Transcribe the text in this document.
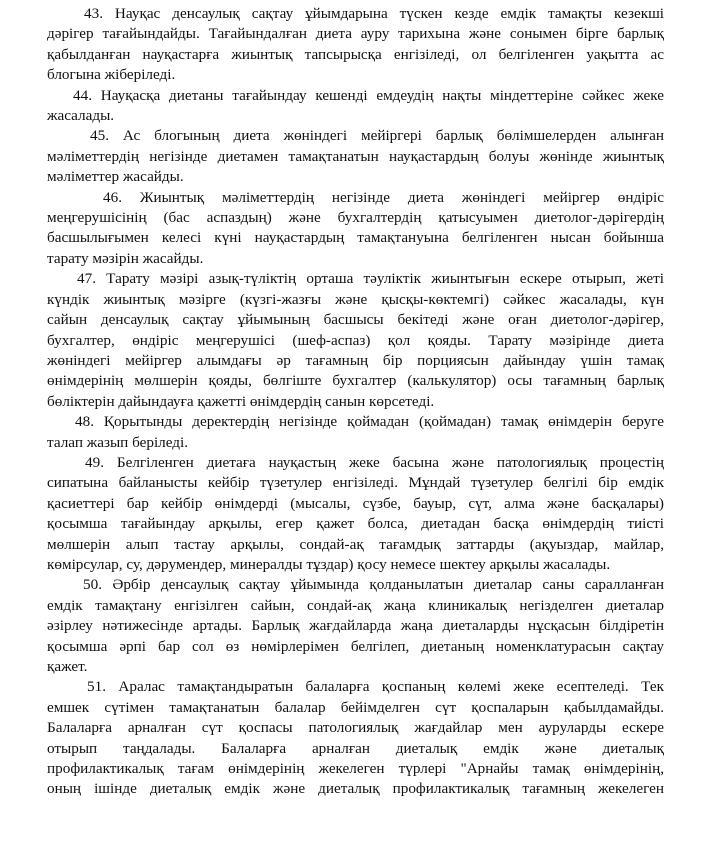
43. Науқас денсаулық сақтау ұйымдарына түскен кезде емдік тамақты кезекші
дәрігер тағайындайды. Тағайындалған диета ауру тарихына және сонымен бірге барлық
қабылданған науқастарға жиынтық тапсырысқа енгізіледі, ол белгіленген уақытта ас
блогына жіберіледі.
44. Науқасқа диетаны тағайындау кешенді емдеудің нақты міндеттеріне сәйкес жеке
жасалады.
45. Ас блогының диета жөніндегі мейіргері барлық бөлімшелерден алынған
мәліметтердің негізінде диетамен тамақтанатын науқастардың болуы жөнінде жиынтық
мәліметтер жасайды.
46. Жиынтық мәліметтердің негізінде диета жөніндегі мейіргер өндіріс
меңгерушісінің (бас аспаздың) және бухгалтердің қатысуымен диетолог-дәрігердің
басшылығымен келесі күні науқастардың тамақтануына белгіленген нысан бойынша
тарату мәзірін жасайды.
47. Тарату мәзірі азық-түліктің орташа тәуліктік жиынтығын ескере отырып, жеті
күндік жиынтық мәзірге (күзгі-жазғы және қысқы-көктемгі) сәйкес жасалады, күн
сайын денсаулық сақтау ұйымының басшысы бекітеді және оған диетолог-дәрігер,
бухгалтер, өндіріс меңгерушісі (шеф-аспаз) қол қояды. Тарату мәзірінде диета
жөніндегі мейіргер алымдағы әр тағамның бір порциясын дайындау үшін тамақ
өнімдерінің мөлшерін қояды, бөлгіште бухгалтер (калькулятор) осы тағамның барлық
бөліктерін дайындауға қажетті өнімдердің санын көрсетеді.
48. Қорытынды деректердің негізінде қоймадан (қоймадан) тамақ өнімдерін беруге
талап жазып беріледі.
49. Белгіленген диетаға науқастың жеке басына және патологиялық процестің
сипатына байланысты кейбір түзетулер енгізіледі. Мұндай түзетулер белгілі бір емдік
қасиеттері бар кейбір өнімдерді (мысалы, сүзбе, бауыр, сүт, алма және басқалары)
қосымша тағайындау арқылы, егер қажет болса, диетадан басқа өнімдердің тиісті
мөлшерін алып тастау арқылы, сондай-ақ тағамдық заттарды (ақуыздар, майлар,
көмірсулар, су, дәрумендер, минералды тұздар) қосу немесе шектеу арқылы жасалады.
50. Әрбір денсаулық сақтау ұйымында қолданылатын диеталар саны саралланған
емдік тамақтану енгізілген сайын, сондай-ақ жаңа клиникалық негізделген диеталар
әзірлеу нәтижесінде артады. Барлық жағдайларда жаңа диеталарды нұсқасын білдіретін
қосымша әрпі бар сол өз нөмірлерімен белгілеп, диетаның номенклатурасын сақтау
қажет.
51. Аралас тамақтандыратын балаларға қоспаның көлемі жеке есептеледі. Тек
емшек сүтімен тамақтанатын балалар бейімделген сүт қоспаларын қабылдамайды.
Балаларға арналған сүт қоспасы патологиялық жағдайлар мен ауруларды ескере
отырып таңдалады. Балаларға арналған диеталық емдік және диеталық
профилактикалық тағам өнімдерінің жекелеген түрлері "Арнайы тамақ өнімдерінің,
оның ішінде диеталық емдік және диеталық профилактикалық тағамның жекелеген
